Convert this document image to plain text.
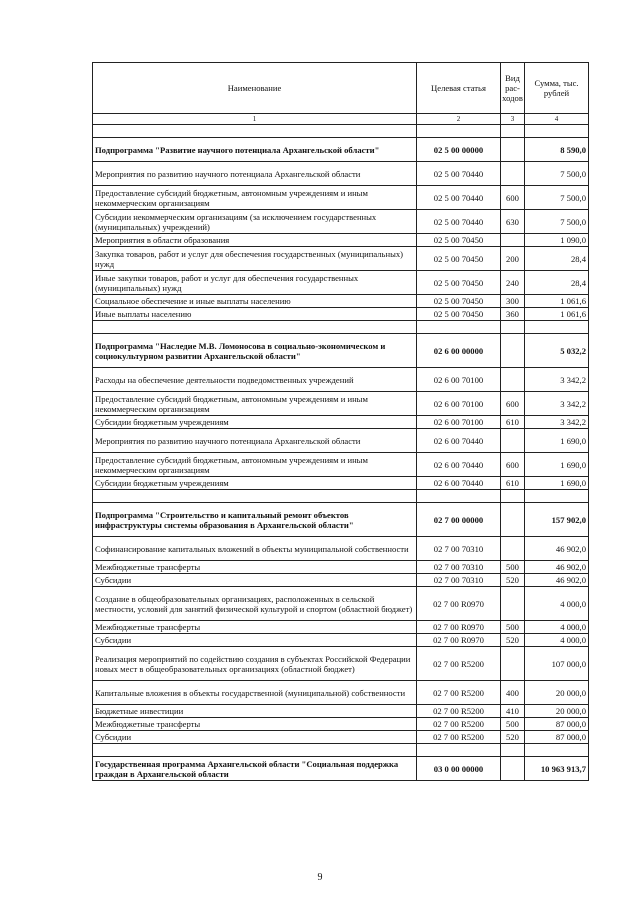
Наименование	Целевая статья	Вид рас-ходов	Сумма, тыс. рублей
1	2	3	4

Подпрограмма "Развитие научного потенциала Архангельской области"	02 5 00 00000		8 590,0
Мероприятия по развитию научного потенциала Архангельской области	02 5 00 70440		7 500,0
Предоставление субсидий бюджетным, автономным учреждениям и иным некоммерческим организациям	02 5 00 70440	600	7 500,0
Субсидии некоммерческим организациям (за исключением государственных (муниципальных) учреждений)	02 5 00 70440	630	7 500,0
Мероприятия в области образования	02 5 00 70450		1 090,0
Закупка товаров, работ и услуг для обеспечения государственных (муниципальных) нужд	02 5 00 70450	200	28,4
Иные закупки товаров, работ и услуг для обеспечения государственных (муниципальных) нужд	02 5 00 70450	240	28,4
Социальное обеспечение и иные выплаты населению	02 5 00 70450	300	1 061,6
Иные выплаты населению	02 5 00 70450	360	1 061,6

Подпрограмма "Наследие М.В. Ломоносова в социально-экономическом и социокультурном развитии Архангельской области"	02 6 00 00000		5 032,2
Расходы на обеспечение деятельности подведомственных учреждений	02 6 00 70100		3 342,2
Предоставление субсидий бюджетным, автономным учреждениям и иным некоммерческим организациям	02 6 00 70100	600	3 342,2
Субсидии бюджетным учреждениям	02 6 00 70100	610	3 342,2
Мероприятия по развитию научного потенциала Архангельской области	02 6 00 70440		1 690,0
Предоставление субсидий бюджетным, автономным учреждениям и иным некоммерческим организациям	02 6 00 70440	600	1 690,0
Субсидии бюджетным учреждениям	02 6 00 70440	610	1 690,0

Подпрограмма "Строительство и капитальный ремонт объектов инфраструктуры системы образования в Архангельской области"	02 7 00 00000		157 902,0
Софинансирование капитальных вложений в объекты муниципальной собственности	02 7 00 70310		46 902,0
Межбюджетные трансферты	02 7 00 70310	500	46 902,0
Субсидии	02 7 00 70310	520	46 902,0
Создание в общеобразовательных организациях, расположенных в сельской местности, условий для занятий физической культурой и спортом (областной бюджет)	02 7 00 R0970		4 000,0
Межбюджетные трансферты	02 7 00 R0970	500	4 000,0
Субсидии	02 7 00 R0970	520	4 000,0
Реализация мероприятий по содействию создания в субъектах Российской Федерации новых мест в общеобразовательных организациях (областной бюджет)	02 7 00 R5200		107 000,0
Капитальные вложения в объекты государственной (муниципальной) собственности	02 7 00 R5200	400	20 000,0
Бюджетные инвестиции	02 7 00 R5200	410	20 000,0
Межбюджетные трансферты	02 7 00 R5200	500	87 000,0
Субсидии	02 7 00 R5200	520	87 000,0

Государственная программа Архангельской области "Социальная поддержка граждан в Архангельской области	03 0 00 00000		10 963 913,7
9
